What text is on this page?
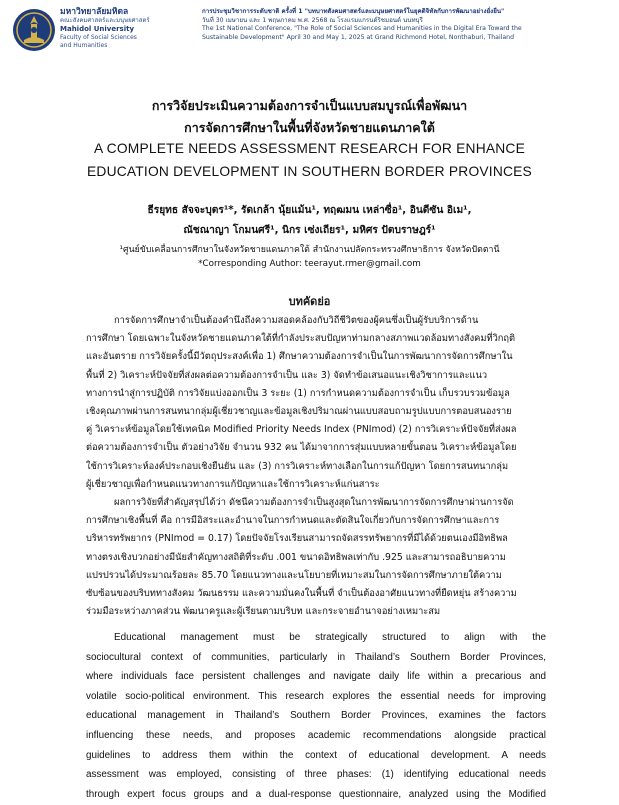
มหาวิทยาลัยมหิดล
คณะสังคมศาสตร์และมนุษยศาสตร์
Mahidol University
Faculty of Social Sciences
and Humanities
การประชุมวิชาการระดับชาติ ครั้งที่ 1 "บทบาทสังคมศาสตร์และมนุษยศาสตร์ในยุคดิจิทัลกับการพัฒนาอย่างยั่งยืน"
วันที่ 30 เมษายน และ 1 พฤษภาคม พ.ศ. 2568 ณ โรงแรมแกรนด์ริชมอนด์ นนทบุรี
The 1st National Conference, "The Role of Social Sciences and Humanities in the Digital Era Toward the
Sustainable Development" April 30 and May 1, 2025 at Grand Richmond Hotel, Nonthaburi, Thailand
การวิจัยประเมินความต้องการจำเป็นแบบสมบูรณ์เพื่อพัฒนา
การจัดการศึกษาในพื้นที่จังหวัดชายแดนภาคใต้
A COMPLETE NEEDS ASSESSMENT RESEARCH FOR ENHANCE
EDUCATION DEVELOPMENT IN SOUTHERN BORDER PROVINCES
ธีรยุทธ สัจจะบุตร¹*, รัดเกล้า นุ้ยแม้น¹, ทฤฒมน เหล่าซื่อ¹, อินดีซัน อิเม¹,
ณัชณาญา โกมนศรี¹, นิกร เซ่งเถียร¹, มหิศร ปัตบราษฎร์¹
¹ศูนย์ขับเคลื่อนการศึกษาในจังหวัดชายแดนภาคใต้ สำนักงานปลัดกระทรวงศึกษาธิการ จังหวัดปัตตานี
*Corresponding Author: teerayut.rmer@gmail.com
บทคัดย่อ
การจัดการศึกษาจำเป็นต้องคำนึงถึงความสอดคล้องกับวิถีชีวิตของผู้คนซึ่งเป็นผู้รับบริการด้าน
การศึกษา โดยเฉพาะในจังหวัดชายแดนภาคใต้ที่กำลังประสบปัญหาท่ามกลางสภาพแวดล้อมทางสังคมที่วิกฤติ
และอันตราย การวิจัยครั้งนี้มีวัตถุประสงค์เพื่อ 1) ศึกษาความต้องการจำเป็นในการพัฒนาการจัดการศึกษาใน
พื้นที่ 2) วิเคราะห์ปัจจัยที่ส่งผลต่อความต้องการจำเป็น และ 3) จัดทำข้อเสนอแนะเชิงวิชาการและแนว
ทางการนำสู่การปฏิบัติ การวิจัยแบ่งออกเป็น 3 ระยะ (1) การกำหนดความต้องการจำเป็น เก็บรวบรวมข้อมูล
เชิงคุณภาพผ่านการสนทนากลุ่มผู้เชี่ยวชาญและข้อมูลเชิงปริมาณผ่านแบบสอบถามรูปแบบการตอบสนองราย
คู่ วิเคราะห์ข้อมูลโดยใช้เทคนิค Modified Priority Needs Index (PNImod) (2) การวิเคราะห์ปัจจัยที่ส่งผล
ต่อความต้องการจำเป็น ตัวอย่างวิจัย จำนวน 932 คน ได้มาจากการสุ่มแบบหลายขั้นตอน วิเคราะห์ข้อมูลโดย
ใช้การวิเคราะห์องค์ประกอบเชิงยืนยัน และ (3) การวิเคราะห์ทางเลือกในการแก้ปัญหา โดยการสนทนากลุ่ม
ผู้เชี่ยวชาญเพื่อกำหนดแนวทางการแก้ปัญหาและใช้การวิเคราะห์แก่นสาระ
ผลการวิจัยที่สำคัญสรุปได้ว่า ดัชนีความต้องการจำเป็นสูงสุดในการพัฒนาการจัดการศึกษาผ่านการจัด
การศึกษาเชิงพื้นที่ คือ การมีอิสระและอำนาจในการกำหนดและตัดสินใจเกี่ยวกับการจัดการศึกษาและการ
บริหารทรัพยากร (PNImod = 0.17) โดยปัจจัยโรงเรียนสามารถจัดสรรทรัพยากรที่มีได้ด้วยตนเองมีอิทธิพล
ทางตรงเชิงบวกอย่างมีนัยสำคัญทางสถิติที่ระดับ .001 ขนาดอิทธิพลเท่ากับ .925 และสามารถอธิบายความ
แปรปรวนได้ประมาณร้อยละ 85.70 โดยแนวทางและนโยบายที่เหมาะสมในการจัดการศึกษาภายใต้ความ
ซับซ้อนของบริบททางสังคม วัฒนธรรม และความมั่นคงในพื้นที่ จำเป็นต้องอาศัยแนวทางที่ยืดหยุ่น สร้างความ
ร่วมมือระหว่างภาคส่วน พัฒนาครูและผู้เรียนตามบริบท และกระจายอำนาจอย่างเหมาะสม
Educational management must be strategically structured to align with the
sociocultural context of communities, particularly in Thailand’s Southern Border Provinces,
where individuals face persistent challenges and navigate daily life within a precarious and
volatile socio-political environment. This research explores the essential needs for improving
educational management in Thailand’s Southern Border Provinces, examines the factors
influencing these needs, and proposes academic recommendations alongside practical
guidelines to address them within the context of educational development. A needs
assessment was employed, consisting of three phases: (1) identifying educational needs
through expert focus groups and a dual-response questionnaire, analyzed using the Modified
